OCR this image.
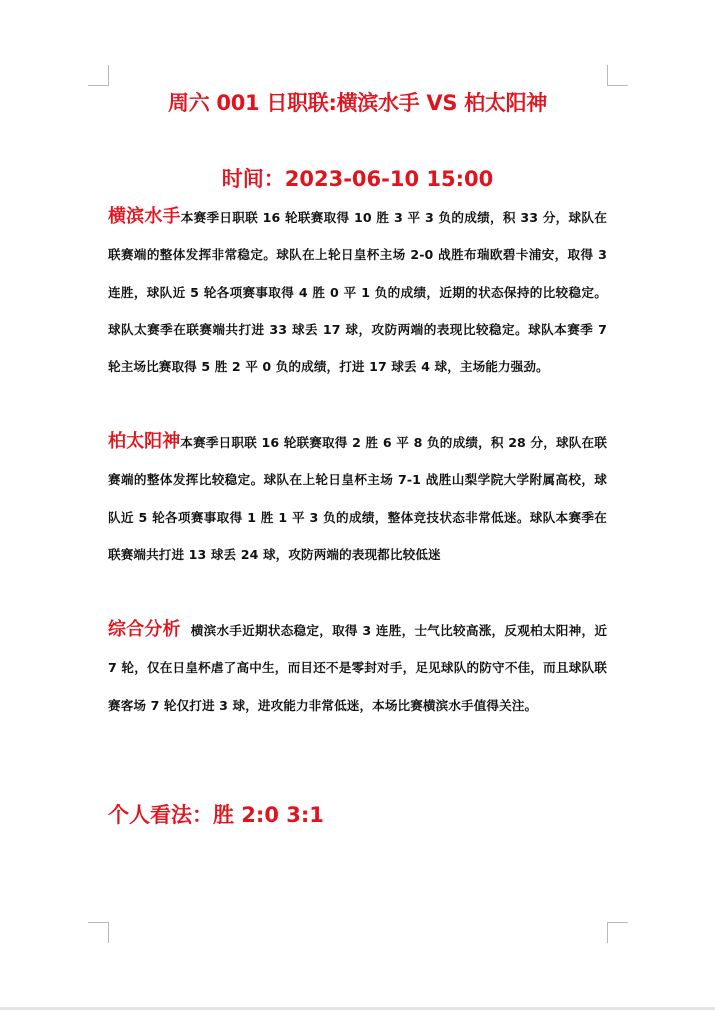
周六 001 日职联:横滨水手 VS 柏太阳神
时间：2023-06-10 15:00
横滨水手本赛季日职联 16 轮联赛取得 10 胜 3 平 3 负的成绩，积 33 分，球队在联赛端的整体发挥非常稳定。球队在上轮日皇杯主场 2-0 战胜布瑞欧碧卡浦安，取得 3 连胜，球队近 5 轮各项赛事取得 4 胜 0 平 1 负的成绩，近期的状态保持的比较稳定。球队太赛季在联赛端共打进 33 球丢 17 球，攻防两端的表现比较稳定。球队本赛季 7 轮主场比赛取得 5 胜 2 平 0 负的成绩，打进 17 球丢 4 球，主场能力强劲。
柏太阳神本赛季日职联 16 轮联赛取得 2 胜 6 平 8 负的成绩，积 28 分，球队在联赛端的整体发挥比较稳定。球队在上轮日皇杯主场 7-1 战胜山梨学院大学附属高校，球队近 5 轮各项赛事取得 1 胜 1 平 3 负的成绩，整体竞技状态非常低迷。球队本赛季在联赛端共打进 13 球丢 24 球，攻防两端的表现都比较低迷
综合分析 横滨水手近期状态稳定，取得 3 连胜，士气比较高涨，反观柏太阳神，近 7 轮，仅在日皇杯虐了高中生，而目还不是零封对手，足见球队的防守不佳，而且球队联赛客场 7 轮仅打进 3 球，进攻能力非常低迷，本场比赛横滨水手值得关注。
个人看法：胜 2:0 3:1
